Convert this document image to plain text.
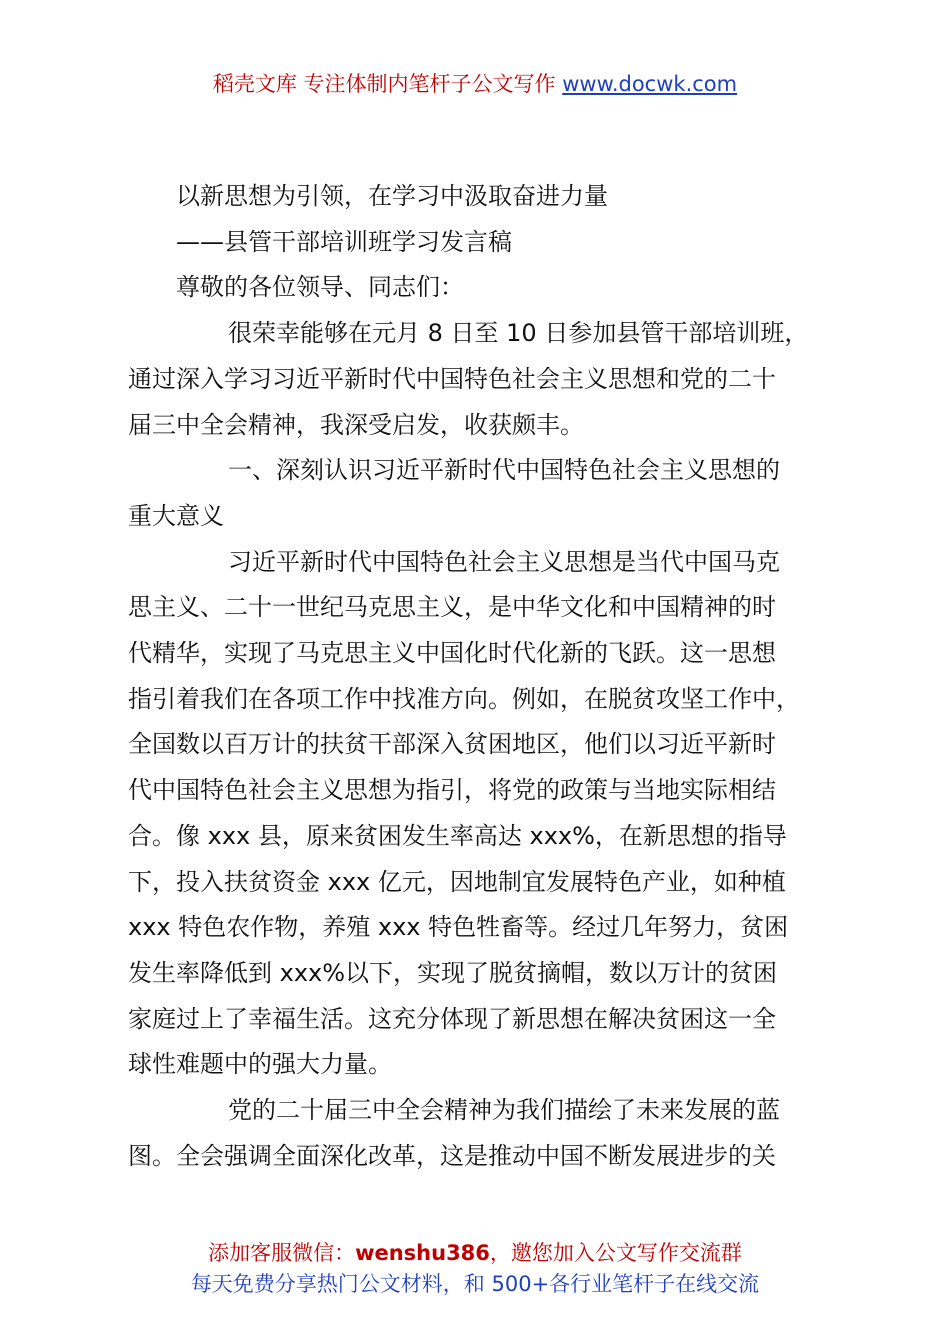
稻壳文库 专注体制内笔杆子公文写作 www.docwk.com

以新思想为引领，在学习中汲取奋进力量

——县管干部培训班学习发言稿

尊敬的各位领导、同志们：

很荣幸能够在元月 8 日至 10 日参加县管干部培训班，

通过深入学习习近平新时代中国特色社会主义思想和党的二十

届三中全会精神，我深受启发，收获颇丰。

一、深刻认识习近平新时代中国特色社会主义思想的

重大意义

习近平新时代中国特色社会主义思想是当代中国马克

思主义、二十一世纪马克思主义，是中华文化和中国精神的时

代精华，实现了马克思主义中国化时代化新的飞跃。这一思想

指引着我们在各项工作中找准方向。例如，在脱贫攻坚工作中，

全国数以百万计的扶贫干部深入贫困地区，他们以习近平新时

代中国特色社会主义思想为指引，将党的政策与当地实际相结

合。像 xxx 县，原来贫困发生率高达 xxx%，在新思想的指导

下，投入扶贫资金 xxx 亿元，因地制宜发展特色产业，如种植

xxx 特色农作物，养殖 xxx 特色牲畜等。经过几年努力，贫困

发生率降低到 xxx%以下，实现了脱贫摘帽，数以万计的贫困

家庭过上了幸福生活。这充分体现了新思想在解决贫困这一全

球性难题中的强大力量。

党的二十届三中全会精神为我们描绘了未来发展的蓝

图。全会强调全面深化改革，这是推动中国不断发展进步的关

添加客服微信：wenshu386，邀您加入公文写作交流群
每天免费分享热门公文材料，和 500+各行业笔杆子在线交流
